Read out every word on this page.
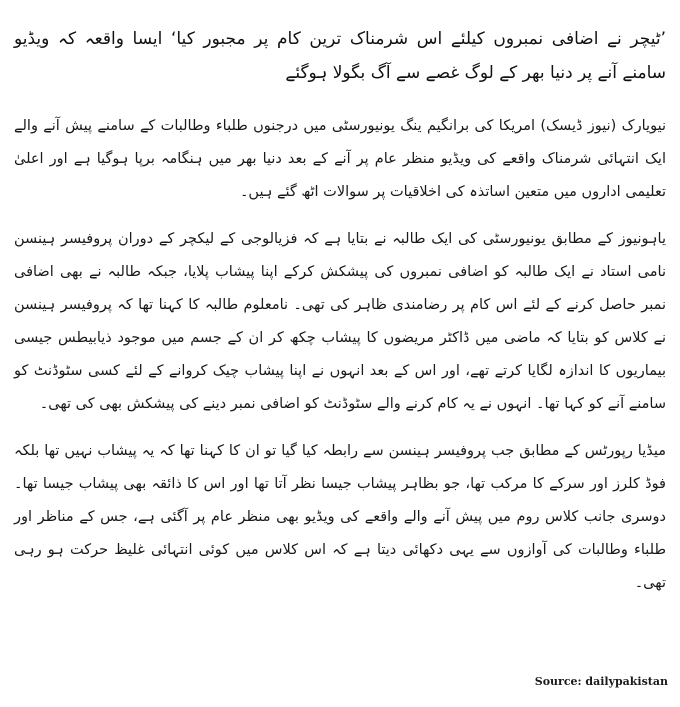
’ٹیچر نے اضافی نمبروں کیلئے اس شرمناک ترین کام پر مجبور کیا‘ ایسا واقعہ کہ ویڈیو سامنے آنے پر دنیا بھر کے لوگ غصے سے آگ بگولا ہوگئے

نیویارک (نیوز ڈیسک) امریکا کی برانگیم ینگ یونیورسٹی میں درجنوں طلباء وطالبات کے سامنے پیش آنے والے ایک انتہائی شرمناک واقعے کی ویڈیو منظر عام پر آنے کے بعد دنیا بھر میں ہنگامہ برپا ہوگیا ہے اور اعلیٰ تعلیمی اداروں میں متعین اساتذہ کی اخلاقیات پر سوالات اٹھ گئے ہیں۔

یاہونیوز کے مطابق یونیورسٹی کی ایک طالبہ نے بتایا ہے کہ فزیالوجی کے لیکچر کے دوران پروفیسر ہینسن نامی استاد نے ایک طالبہ کو اضافی نمبروں کی پیشکش کرکے اپنا پیشاب پلایا، جبکہ طالبہ نے بھی اضافی نمبر حاصل کرنے کے لئے اس کام پر رضامندی ظاہر کی تھی۔ نامعلوم طالبہ کا کہنا تھا کہ پروفیسر ہینسن نے کلاس کو بتایا کہ ماضی میں ڈاکٹر مریضوں کا پیشاب چکھ کر ان کے جسم میں موجود ذیابیطس جیسی بیماریوں کا اندازہ لگایا کرتے تھے، اور اس کے بعد انہوں نے اپنا پیشاب چیک کروانے کے لئے کسی سٹوڈنٹ کو سامنے آنے کو کہا تھا۔ انہوں نے یہ کام کرنے والے سٹوڈنٹ کو اضافی نمبر دینے کی پیشکش بھی کی تھی۔

میڈیا رپورٹس کے مطابق جب پروفیسر ہینسن سے رابطہ کیا گیا تو ان کا کہنا تھا کہ یہ پیشاب نہیں تھا بلکہ فوڈ کلرز اور سرکے کا مرکب تھا، جو بظاہر پیشاب جیسا نظر آتا تھا اور اس کا ذائقہ بھی پیشاب جیسا تھا۔ دوسری جانب کلاس روم میں پیش آنے والے واقعے کی ویڈیو بھی منظر عام پر آگئی ہے، جس کے مناظر اور طلباء وطالبات کی آوازوں سے یہی دکھائی دیتا ہے کہ اس کلاس میں کوئی انتہائی غلیظ حرکت ہو رہی تھی۔

Source: dailypakistan
